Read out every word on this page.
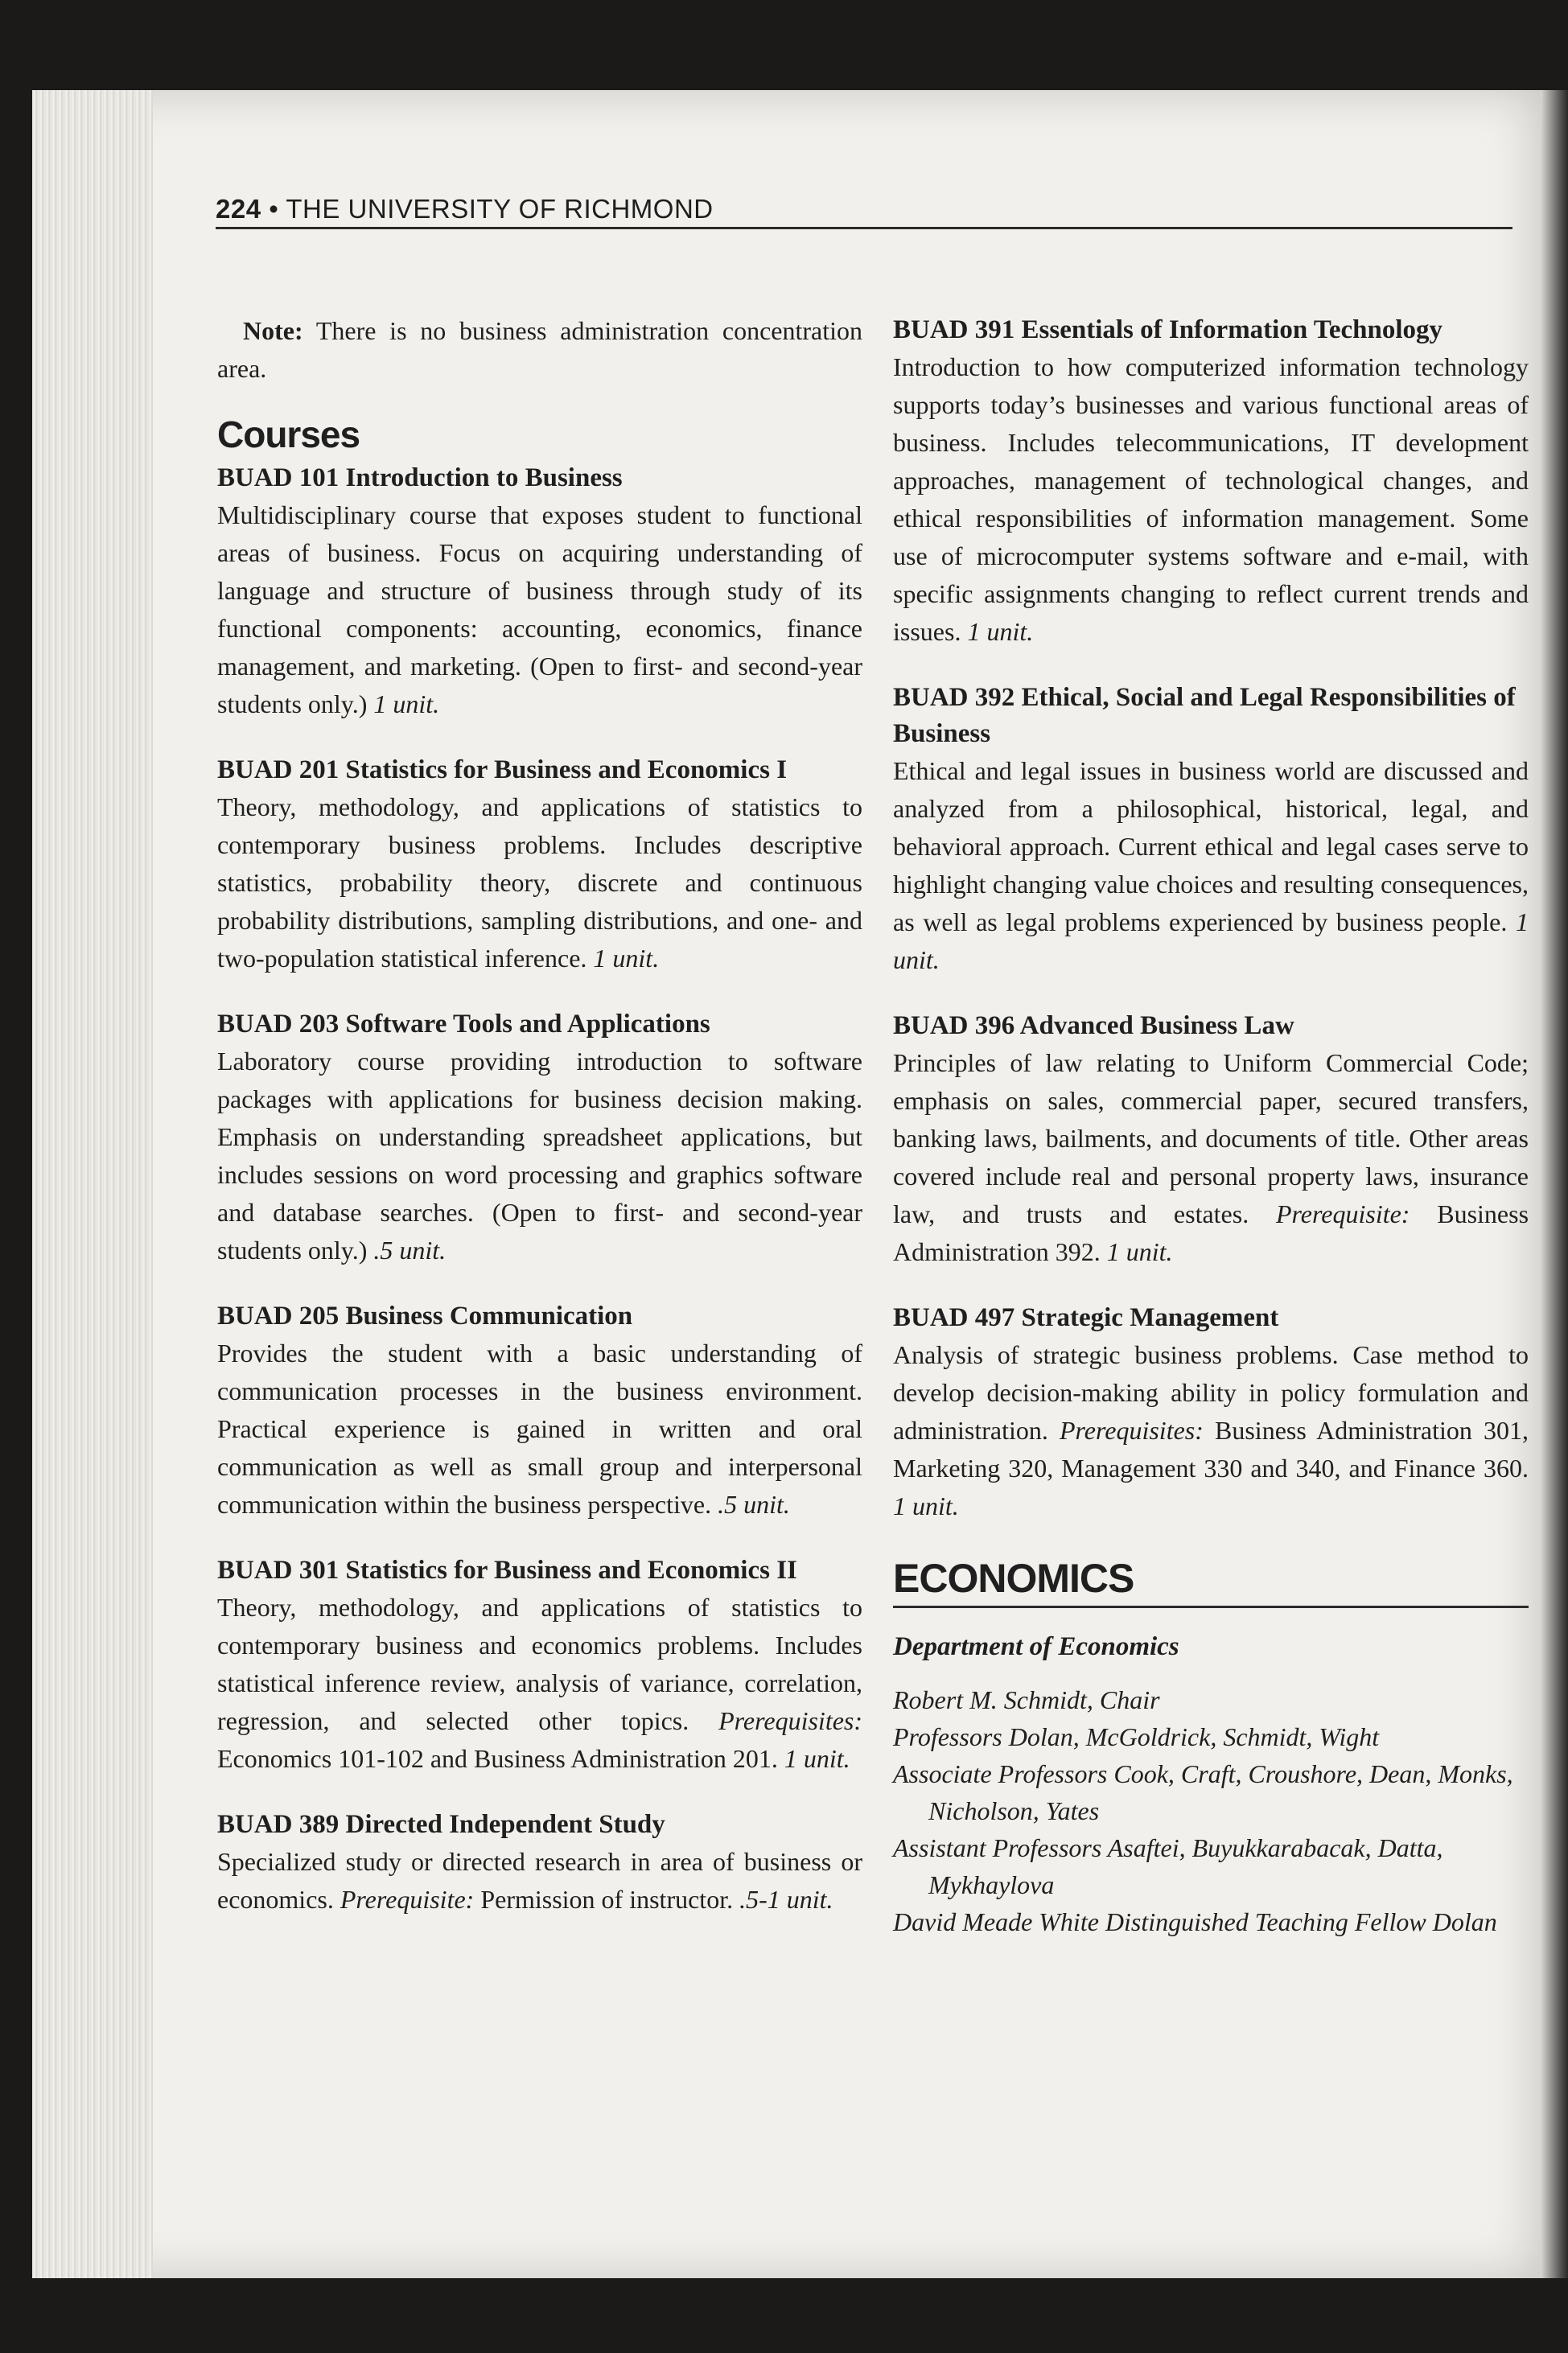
224 • THE UNIVERSITY OF RICHMOND

 Note: There is no business administration concentration area.

Courses
BUAD 101 Introduction to Business
Multidisciplinary course that exposes student to functional areas of business. Focus on acquiring understanding of language and structure of business through study of its functional components: accounting, economics, finance management, and marketing. (Open to first- and second-year students only.) 1 unit.
BUAD 201 Statistics for Business and Economics I
Theory, methodology, and applications of statistics to contemporary business problems. Includes descriptive statistics, probability theory, discrete and continuous probability distributions, sampling distributions, and one- and two-population statistical inference. 1 unit.
BUAD 203 Software Tools and Applications
Laboratory course providing introduction to software packages with applications for business decision making. Emphasis on understanding spreadsheet applications, but includes sessions on word processing and graphics software and database searches. (Open to first- and second-year students only.) .5 unit.
BUAD 205 Business Communication
Provides the student with a basic understanding of communication processes in the business environment. Practical experience is gained in written and oral communication as well as small group and interpersonal communication within the business perspective. .5 unit.
BUAD 301 Statistics for Business and Economics II
Theory, methodology, and applications of statistics to contemporary business and economics problems. Includes statistical inference review, analysis of variance, correlation, regression, and selected other topics. Prerequisites: Economics 101-102 and Business Administration 201. 1 unit.
BUAD 389 Directed Independent Study
Specialized study or directed research in area of business or economics. Prerequisite: Permission of instructor. .5-1 unit.
BUAD 391 Essentials of Information Technology
Introduction to how computerized information technology supports today’s businesses and various functional areas of business. Includes telecommunications, IT development approaches, management of technological changes, and ethical responsibilities of information management. Some use of microcomputer systems software and e-mail, with specific assignments changing to reflect current trends and issues. 1 unit.
BUAD 392 Ethical, Social and Legal Responsibilities of Business
Ethical and legal issues in business world are discussed and analyzed from a philosophical, historical, legal, and behavioral approach. Current ethical and legal cases serve to highlight changing value choices and resulting consequences, as well as legal problems experienced by business people. 1 unit.
BUAD 396 Advanced Business Law
Principles of law relating to Uniform Commercial Code; emphasis on sales, commercial paper, secured transfers, banking laws, bailments, and documents of title. Other areas covered include real and personal property laws, insurance law, and trusts and estates. Prerequisite: Business Administration 392. 1 unit.
BUAD 497 Strategic Management
Analysis of strategic business problems. Case method to develop decision-making ability in policy formulation and administration. Prerequisites: Business Administration 301, Marketing 320, Management 330 and 340, and Finance 360. 1 unit.
ECONOMICS
Department of Economics
Robert M. Schmidt, Chair
Professors Dolan, McGoldrick, Schmidt, Wight
Associate Professors Cook, Craft, Croushore, Dean, Monks, Nicholson, Yates
Assistant Professors Asaftei, Buyukkarabacak, Datta, Mykhaylova
David Meade White Distinguished Teaching Fellow Dolan
